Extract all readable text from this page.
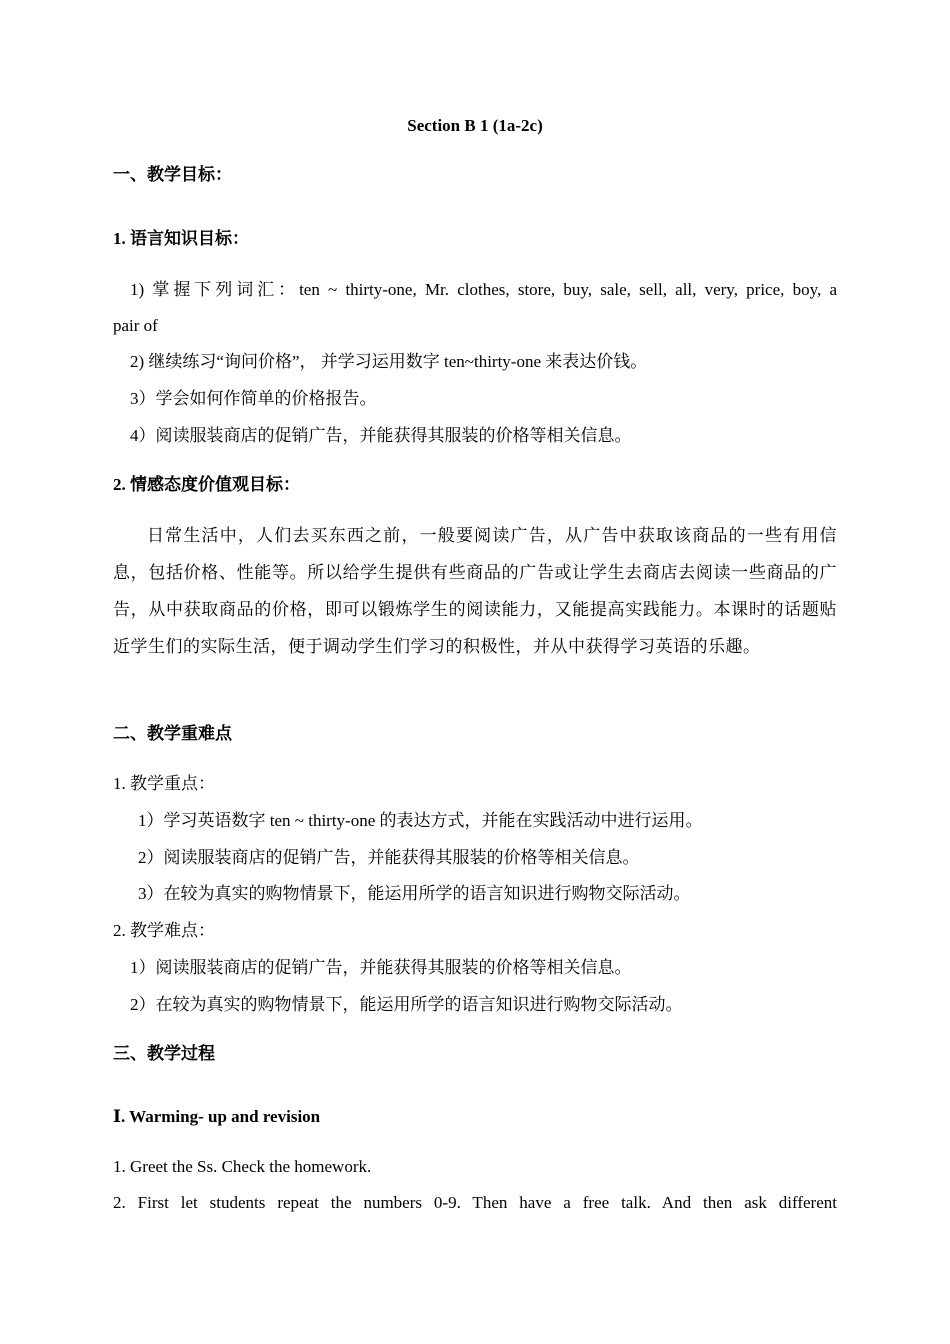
Section B 1 (1a-2c)
一、教学目标：
1. 语言知识目标：
1) 掌握下列词汇：ten ~ thirty-one, Mr. clothes, store, buy, sale, sell, all, very, price, boy, a
pair of
2) 继续练习“询问价格”， 并学习运用数字 ten~thirty-one 来表达价钱。
3）学会如何作简单的价格报告。
4）阅读服装商店的促销广告，并能获得其服装的价格等相关信息。
2. 情感态度价值观目标：
日常生活中，人们去买东西之前，一般要阅读广告，从广告中获取该商品的一些有用信息，包括价格、性能等。所以给学生提供有些商品的广告或让学生去商店去阅读一些商品的广告，从中获取商品的价格，即可以锻炼学生的阅读能力，又能提高实践能力。本课时的话题贴近学生们的实际生活，便于调动学生们学习的积极性，并从中获得学习英语的乐趣。
二、教学重难点
1. 教学重点：
1）学习英语数字 ten ~ thirty-one 的表达方式，并能在实践活动中进行运用。
2）阅读服装商店的促销广告，并能获得其服装的价格等相关信息。
3）在较为真实的购物情景下，能运用所学的语言知识进行购物交际活动。
2. 教学难点：
1）阅读服装商店的促销广告，并能获得其服装的价格等相关信息。
2）在较为真实的购物情景下，能运用所学的语言知识进行购物交际活动。
三、教学过程
Ⅰ. Warming- up and revision
1. Greet the Ss. Check the homework.
2. First let students repeat the numbers 0-9. Then have a free talk. And then ask different
